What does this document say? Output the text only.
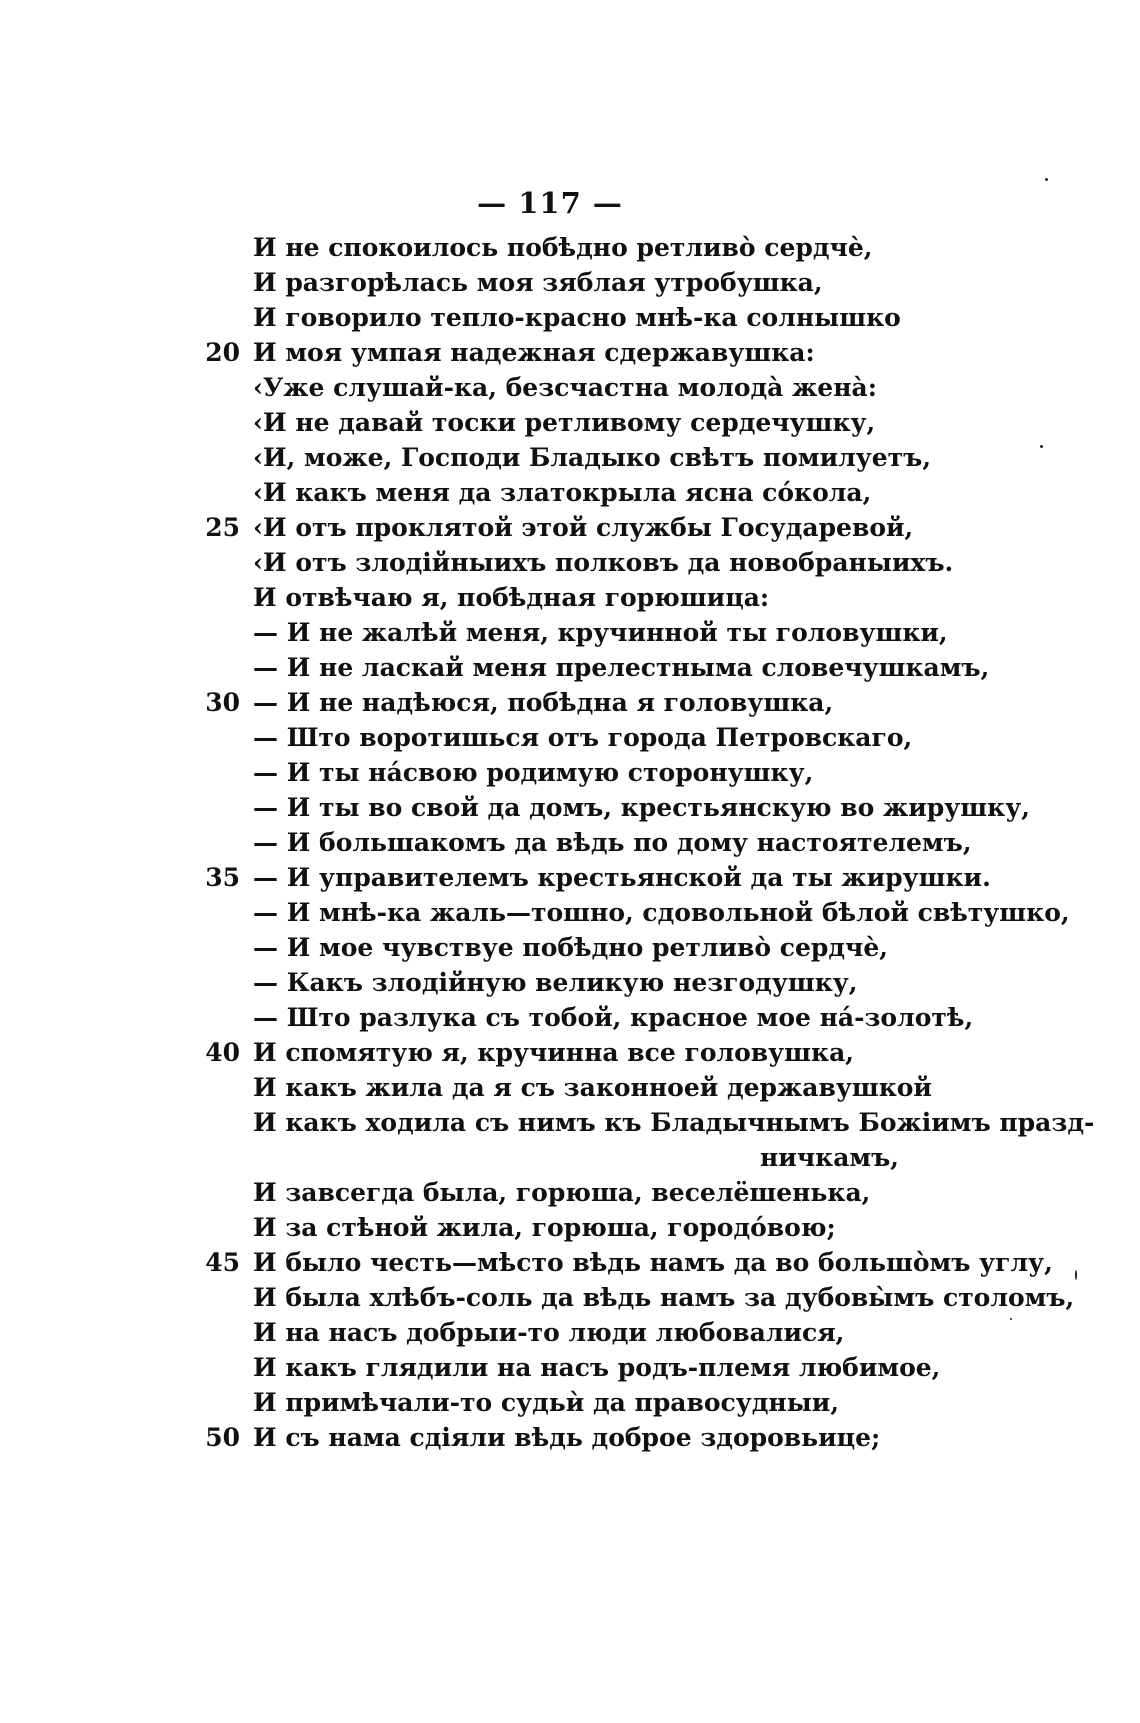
— 117 —
И не спокоилось побѣдно ретливо̀ сердчѐ,
И разгорѣлась моя зяблая утробушка,
И говорило тепло-красно мнѣ-ка солнышко
20 И моя умпая надежная сдержавушка:
‹Уже слушай-ка, безсчастна молода̀ жена̀:
‹И не давай тоски ретливому сердечушку,
‹И, може, Господи Бладыко свѣтъ помилуетъ,
‹И какъ меня да златокрыла ясна со́кола,
25 ‹И отъ проклятой этой службы Государевой,
‹И отъ злодійныихъ полковъ да новобраныихъ.
И отвѣчаю я, побѣдная горюшица:
— И не жалѣй меня, кручинной ты головушки,
— И не ласкай меня прелестныма словечушкамъ,
30 — И не надѣюся, побѣдна я головушка,
— Што воротишься отъ города Петровскаго,
— И ты на́свою родимую сторонушку,
— И ты во свой да домъ, крестьянскую во жирушку,
— И большакомъ да вѣдь по дому настоятелемъ,
35 — И управителемъ крестьянской да ты жирушки.
— И мнѣ-ка жаль—тошно, сдовольной бѣлой свѣтушко,
— И мое чувствуе побѣдно ретливо̀ сердчѐ,
— Какъ злодійную великую незгодушку,
— Што разлука съ тобой, красное мое на́-золотѣ,
40 И спомятую я, кручинна все головушка,
И какъ жила да я съ законноей державушкой
И какъ ходила съ нимъ къ Бладычнымъ Божіимъ празд-
ничкамъ,
И завсегда была, горюша, веселёшенька,
И за стѣной жила, горюша, городо́вою;
45 И было честь—мѣсто вѣдь намъ да во большо̀мъ углу,
И была хлѣбъ-соль да вѣдь намъ за дубовы̀мъ столомъ,
И на насъ добрыи-то люди любовалися,
И какъ глядили на насъ родъ-племя любимое,
И примѣчали-то судьѝ да правосудныи,
50 И съ нама сдіяли вѣдь доброе здоровьице;
